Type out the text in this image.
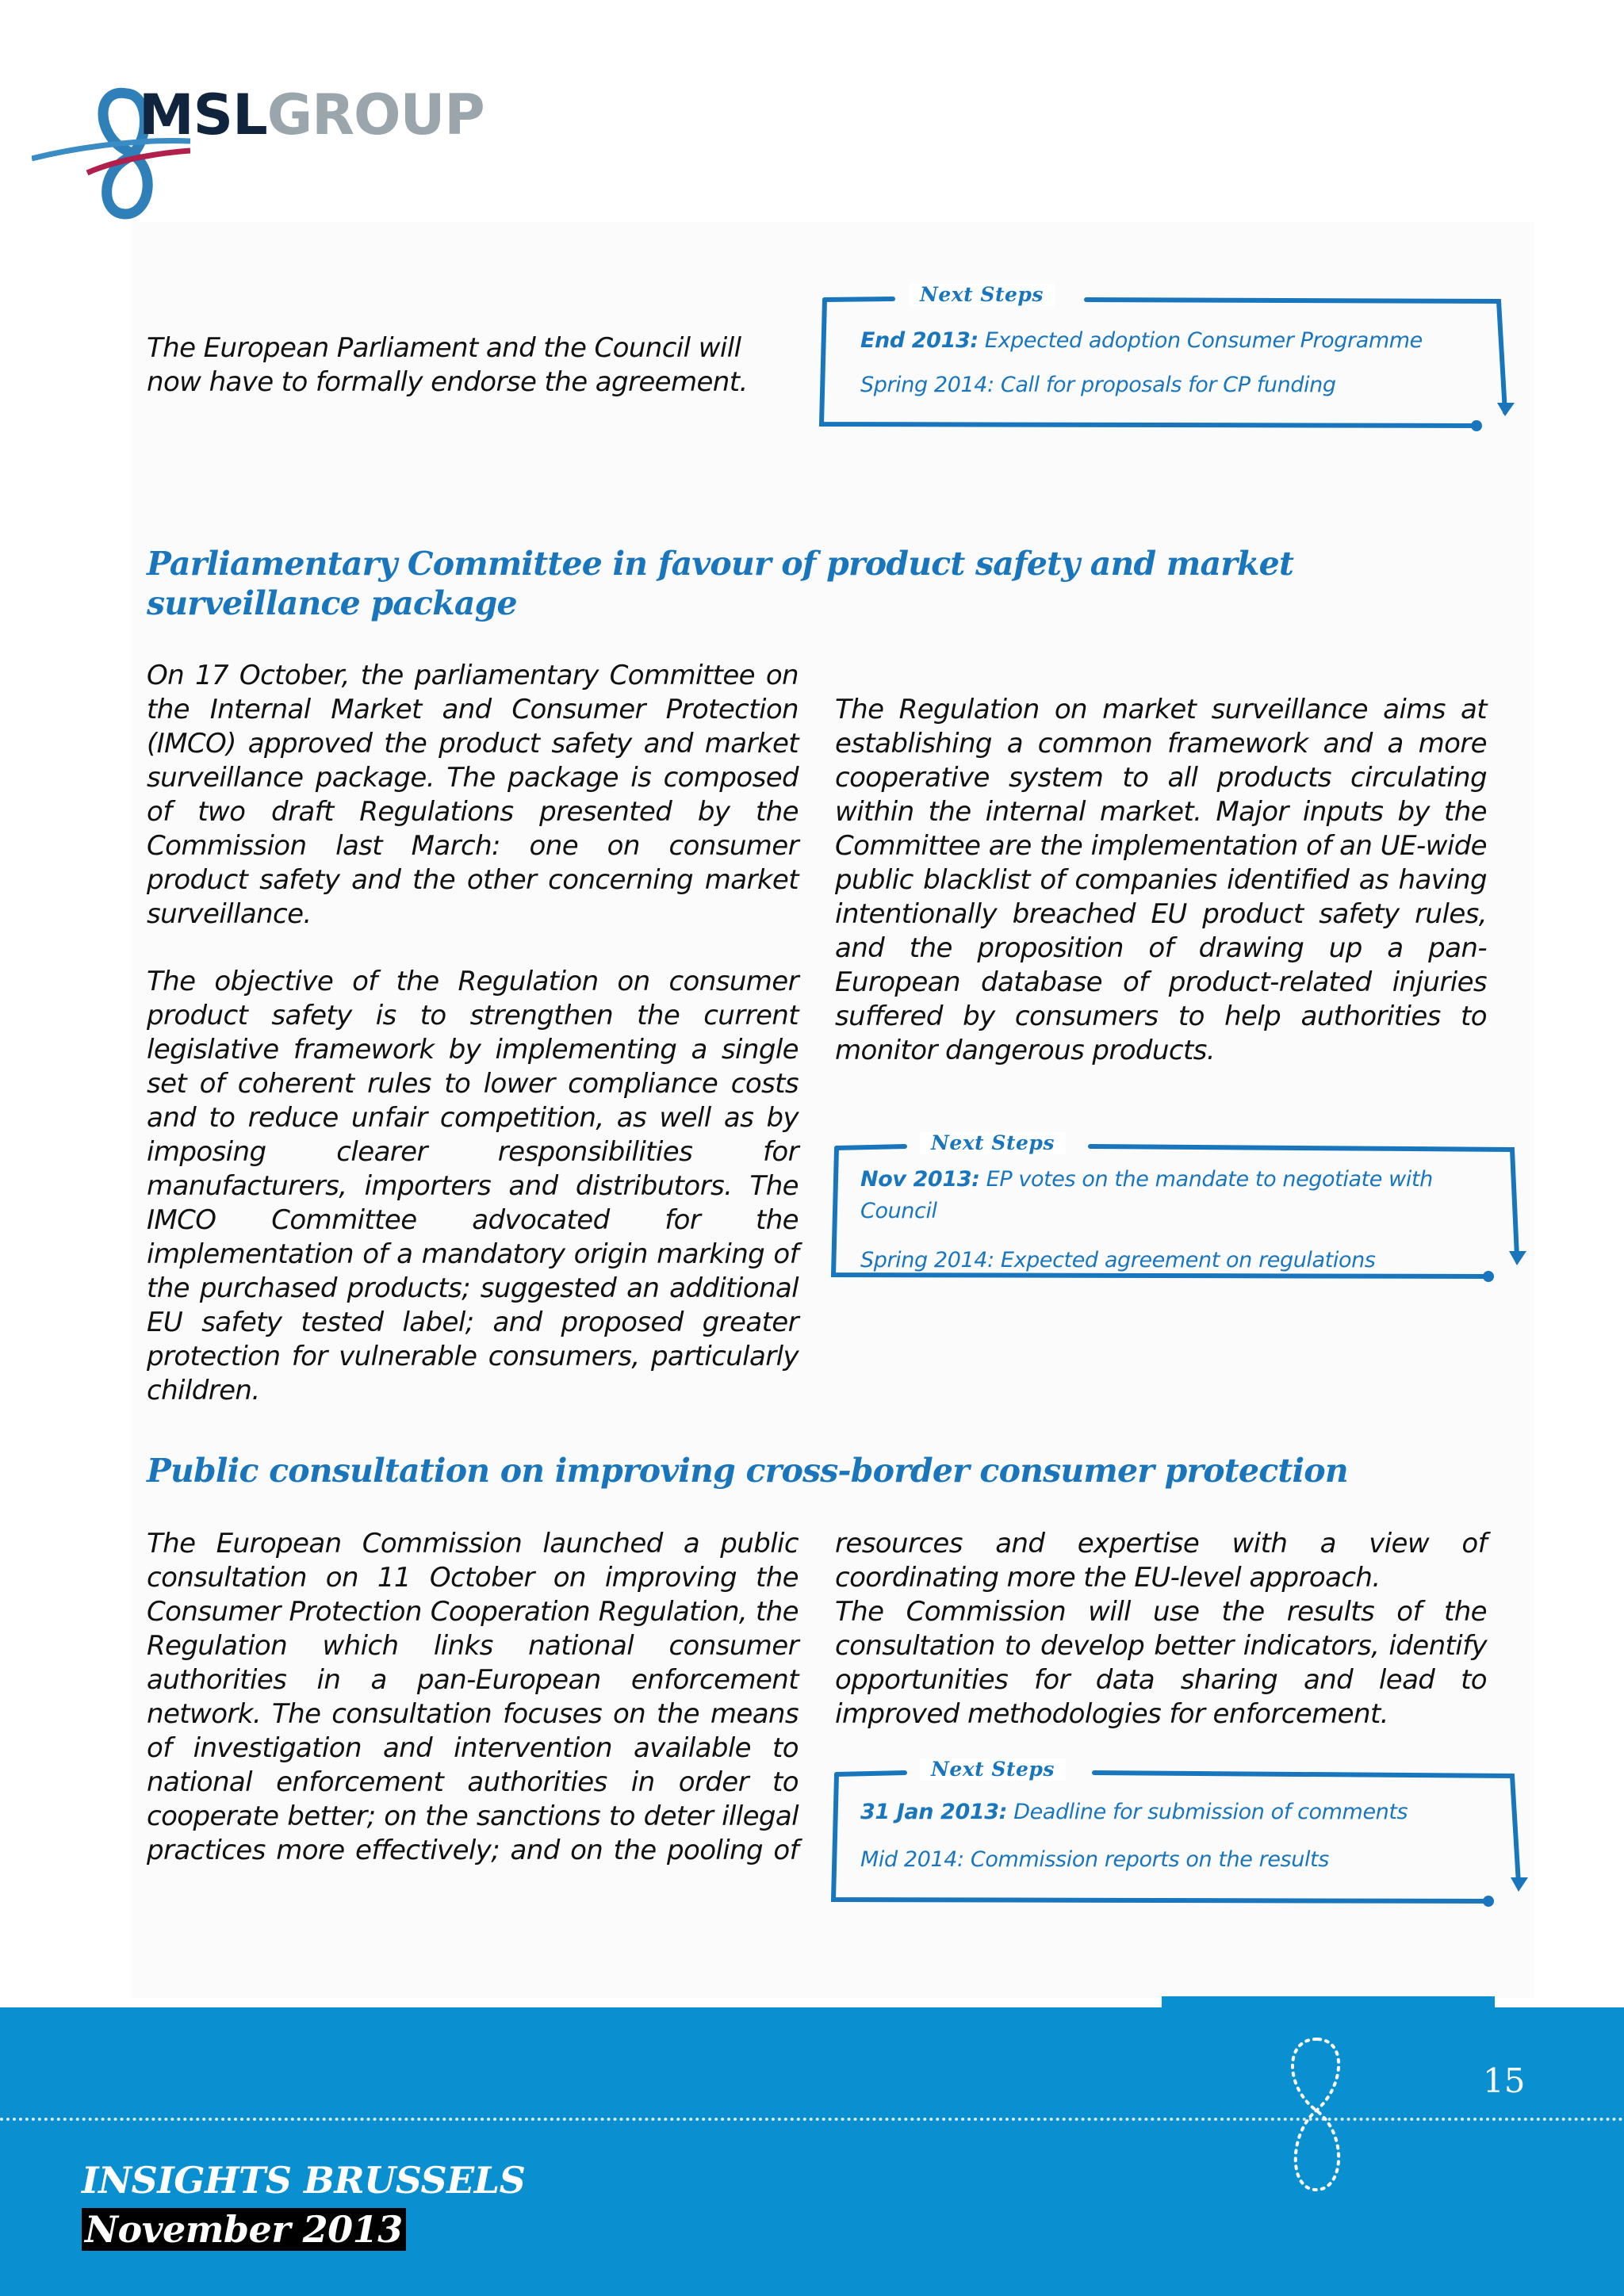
MSLGROUP
The European Parliament and the Council will now have to formally endorse the agreement.
Next Steps
End 2013: Expected adoption Consumer Programme
Spring 2014: Call for proposals for CP funding
Parliamentary Committee in favour of product safety and market surveillance package
On 17 October, the parliamentary Committee on the Internal Market and Consumer Protection (IMCO) approved the product safety and market surveillance package. The package is composed of two draft Regulations presented by the Commission last March: one on consumer product safety and the other concerning market surveillance.
The objective of the Regulation on consumer product safety is to strengthen the current legislative framework by implementing a single set of coherent rules to lower compliance costs and to reduce unfair competition, as well as by imposing clearer responsibilities for manufacturers, importers and distributors. The IMCO Committee advocated for the implementation of a mandatory origin marking of the purchased products; suggested an additional EU safety tested label; and proposed greater protection for vulnerable consumers, particularly children.
The Regulation on market surveillance aims at establishing a common framework and a more cooperative system to all products circulating within the internal market. Major inputs by the Committee are the implementation of an UE-wide public blacklist of companies identified as having intentionally breached EU product safety rules, and the proposition of drawing up a pan-European database of product-related injuries suffered by consumers to help authorities to monitor dangerous products.
Next Steps
Nov 2013: EP votes on the mandate to negotiate with Council
Spring 2014: Expected agreement on regulations
Public consultation on improving cross-border consumer protection
The European Commission launched a public consultation on 11 October on improving the Consumer Protection Cooperation Regulation, the Regulation which links national consumer authorities in a pan-European enforcement network. The consultation focuses on the means of investigation and intervention available to national enforcement authorities in order to cooperate better; on the sanctions to deter illegal practices more effectively; and on the pooling of
resources and expertise with a view of coordinating more the EU-level approach.
The Commission will use the results of the consultation to develop better indicators, identify opportunities for data sharing and lead to improved methodologies for enforcement.
Next Steps
31 Jan 2013: Deadline for submission of comments
Mid 2014: Commission reports on the results
15
INSIGHTS BRUSSELS
November 2013
